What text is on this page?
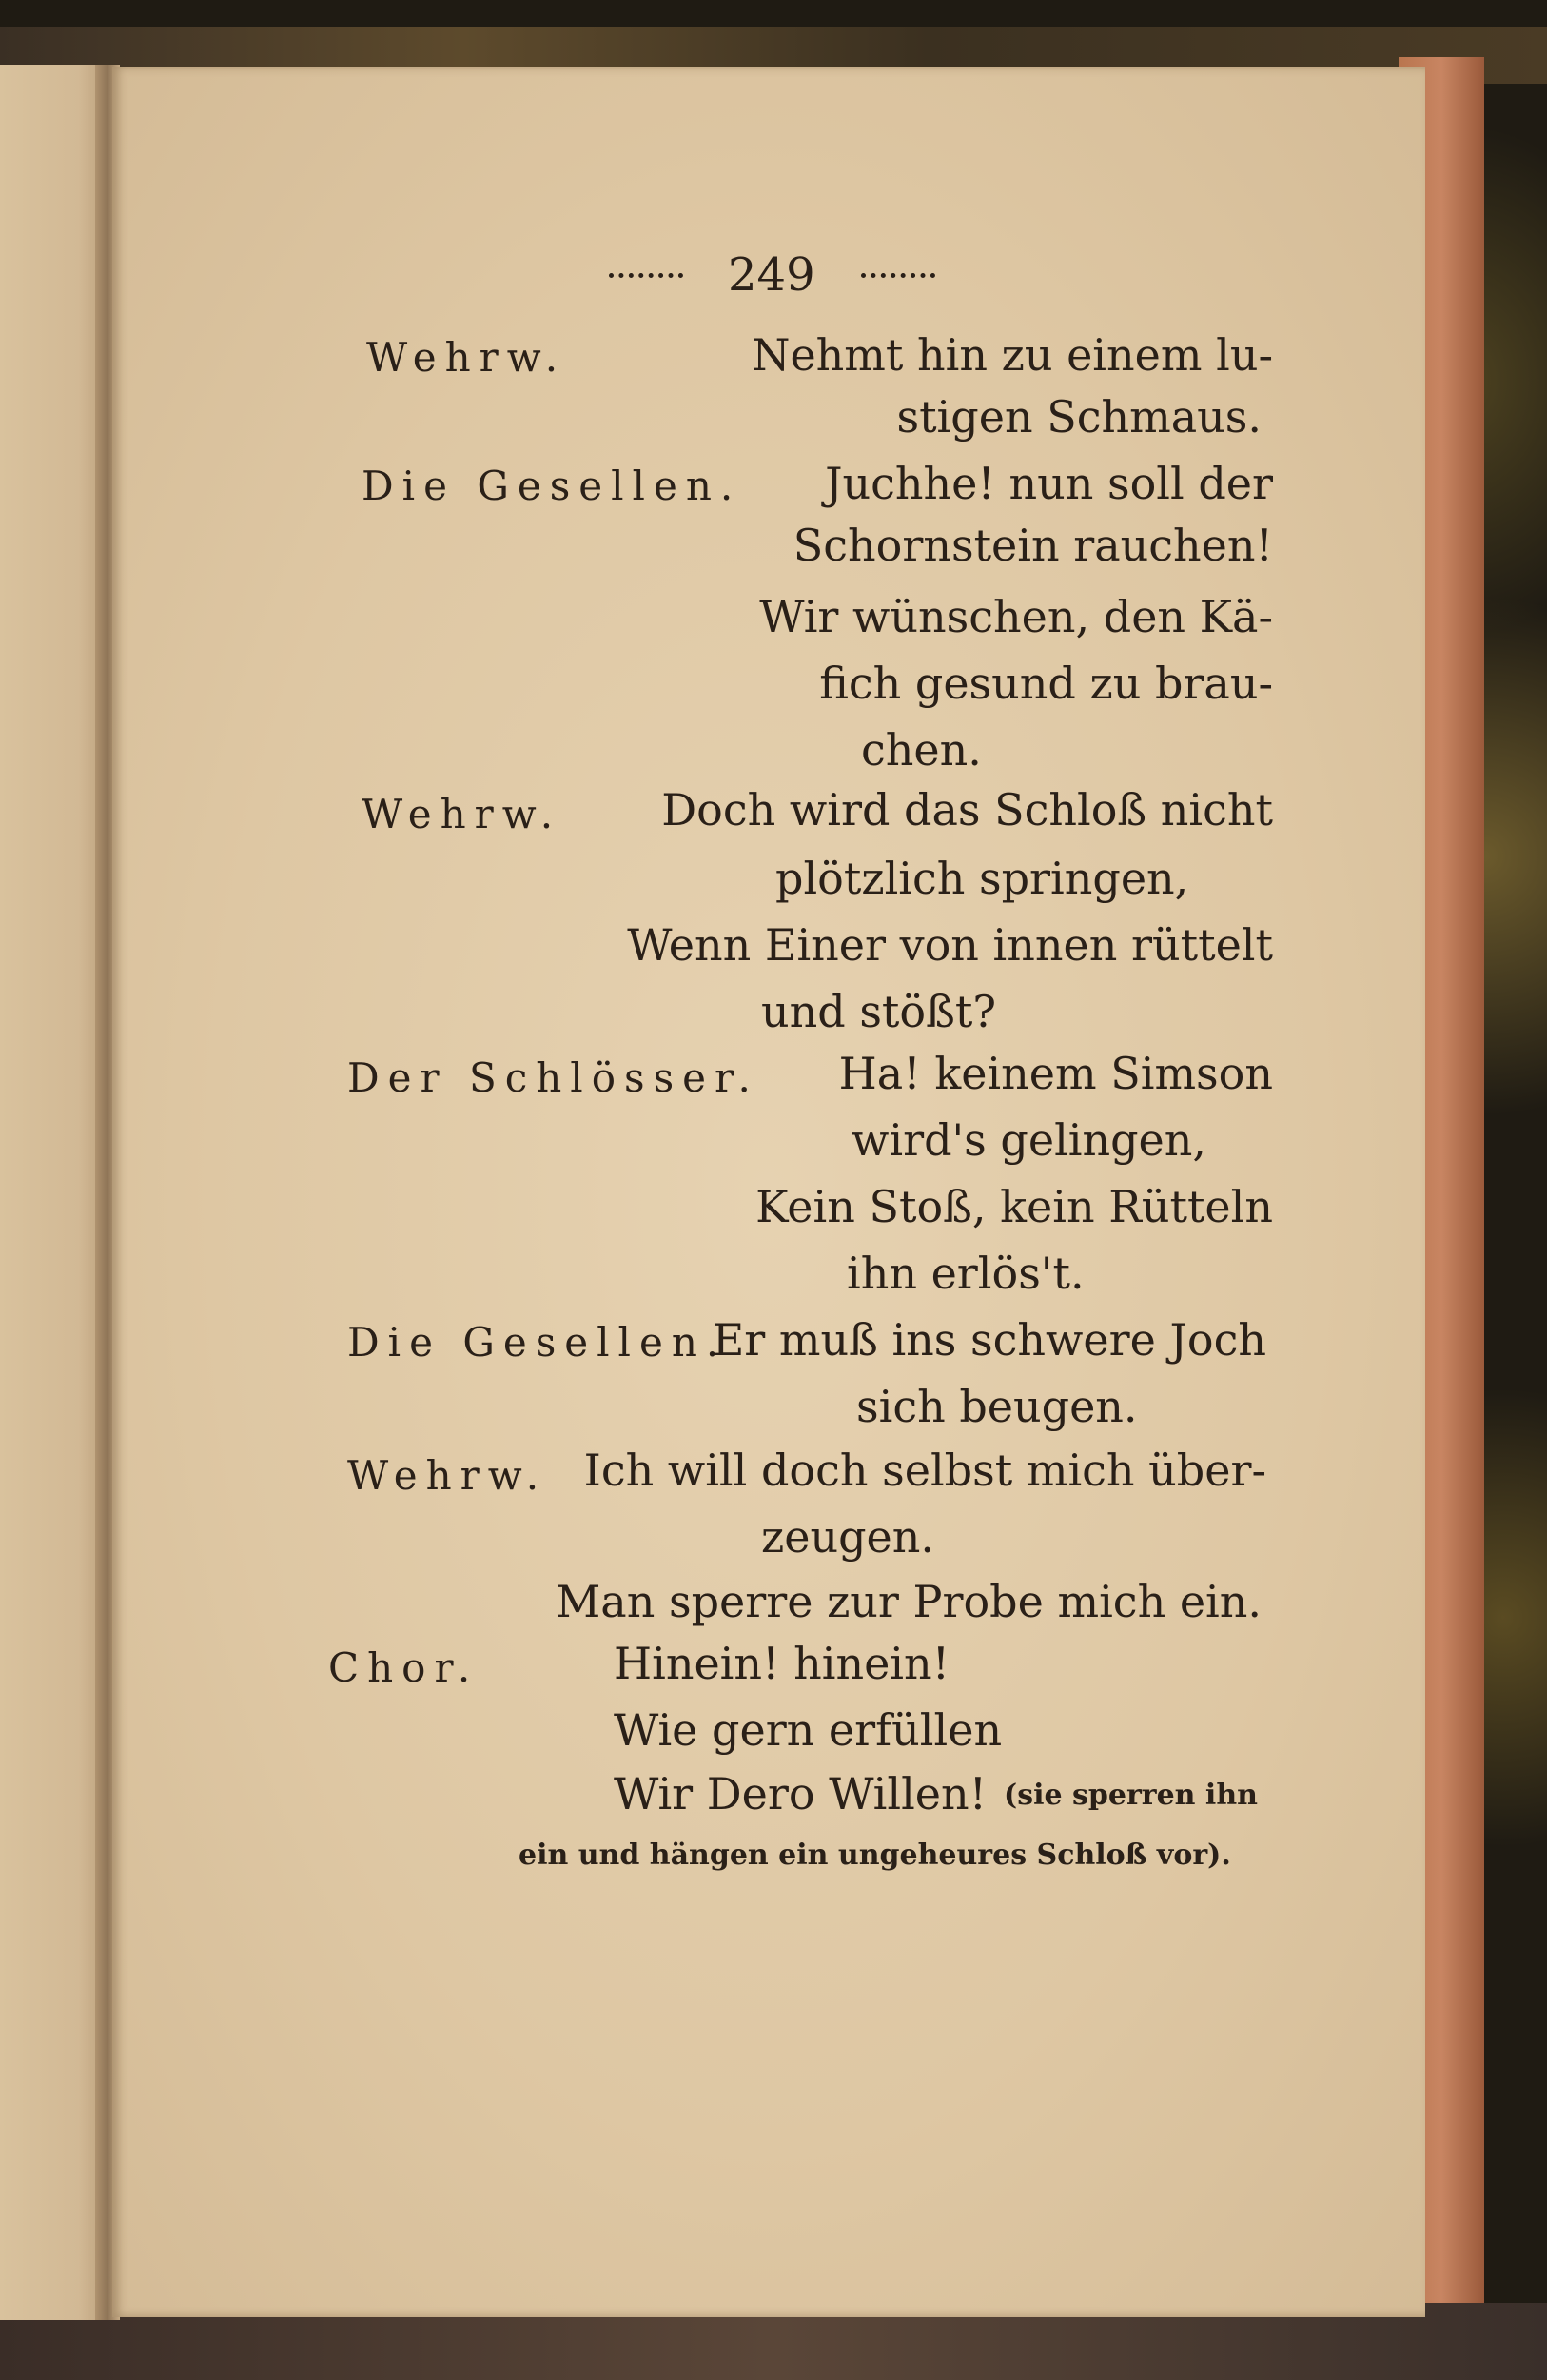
249
Wehrw.	Nehmt hin zu einem lu-
stigen Schmaus.
Die Gesellen. Juchhe! nun soll der
Schornstein rauchen!
Wir wünschen, den Kä-
fich gesund zu brau-
chen.
Wehrw. Doch wird das Schloß nicht
plötzlich springen,
Wenn Einer von innen rüttelt
und stößt?
Der Schlösser. Ha! keinem Simson
wird's gelingen,
Kein Stoß, kein Rütteln
ihn erlös't.
Die Gesellen.
Er muß ins schwere Joch
sich beugen.
Wehrw. Ich will doch selbst mich über-
zeugen.
Man sperre zur Probe mich ein.
Chor.	Hinein! hinein!
Wie gern erfüllen
Wir Dero Willen! (sie sperren ihn
ein und hängen ein ungeheures Schloß vor).
